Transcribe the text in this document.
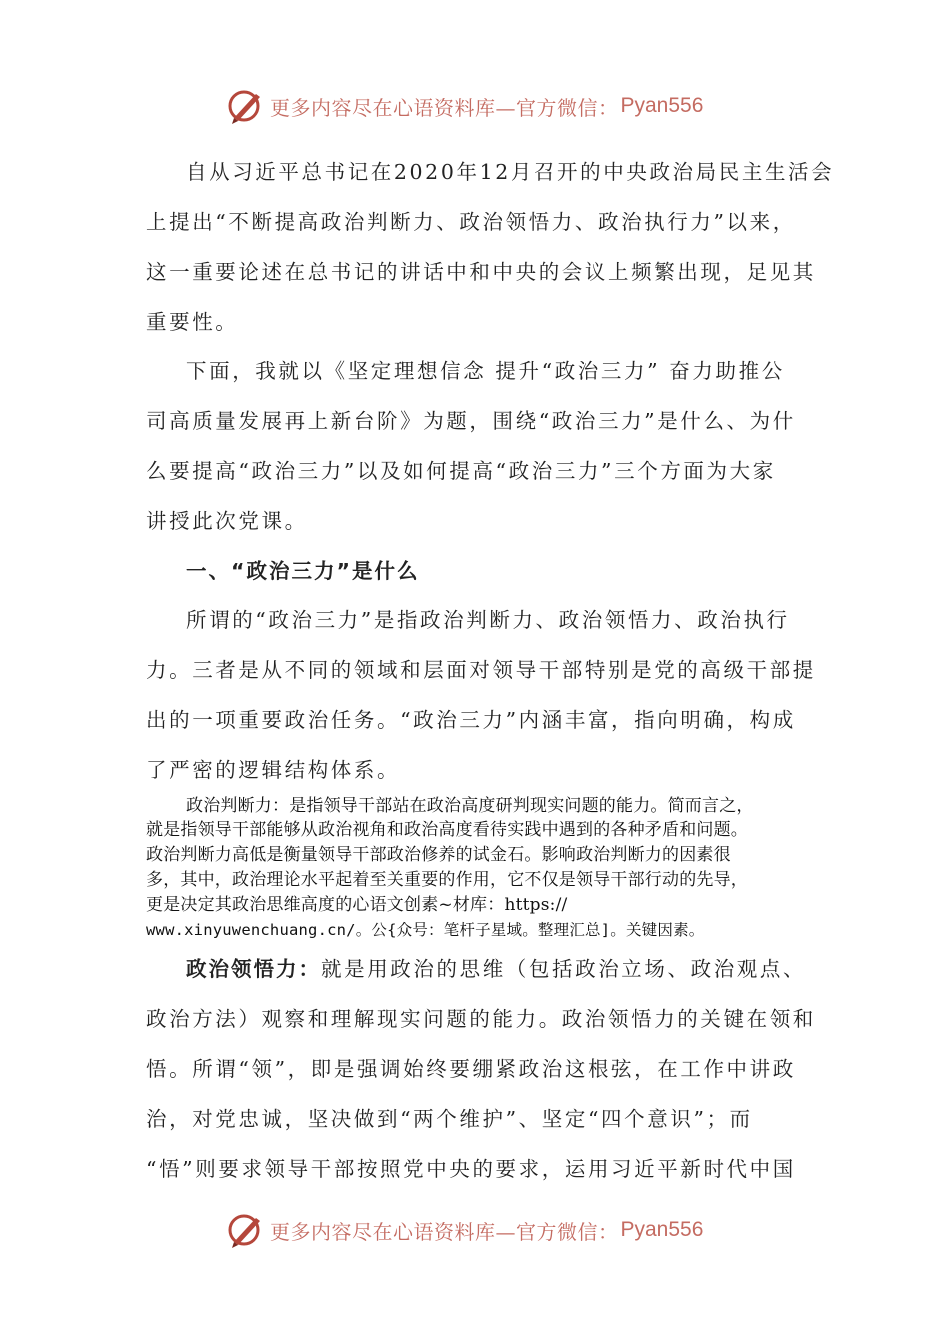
更多内容尽在心语资料库—官方微信： Pyan556
自从习近平总书记在2020年12月召开的中央政治局民主生活会
上提出“不断提高政治判断力、政治领悟力、政治执行力”以来，
这一重要论述在总书记的讲话中和中央的会议上频繁出现，足见其
重要性。
下面，我就以《坚定理想信念 提升“政治三力” 奋力助推公
司高质量发展再上新台阶》为题，围绕“政治三力”是什么、为什
么要提高“政治三力”以及如何提高“政治三力”三个方面为大家
讲授此次党课。
一、“政治三力”是什么
所谓的“政治三力”是指政治判断力、政治领悟力、政治执行
力。三者是从不同的领域和层面对领导干部特别是党的高级干部提
出的一项重要政治任务。“政治三力”内涵丰富，指向明确，构成
了严密的逻辑结构体系。
政治判断力：是指领导干部站在政治高度研判现实问题的能力。简而言之，
就是指领导干部能够从政治视角和政治高度看待实践中遇到的各种矛盾和问题。
政治判断力高低是衡量领导干部政治修养的试金石。影响政治判断力的因素很
多，其中，政治理论水平起着至关重要的作用，它不仅是领导干部行动的先导，
更是决定其政治思维高度的心语文创素~材库：https://
www.xinyuwenchuang.cn/。公{众号：笔杆子星域。整理汇总]。关键因素。
政治领悟力：就是用政治的思维（包括政治立场、政治观点、
政治方法）观察和理解现实问题的能力。政治领悟力的关键在领和
悟。所谓“领”，即是强调始终要绷紧政治这根弦，在工作中讲政
治，对党忠诚，坚决做到“两个维护”、坚定“四个意识”；而
“悟”则要求领导干部按照党中央的要求，运用习近平新时代中国
更多内容尽在心语资料库—官方微信： Pyan556
